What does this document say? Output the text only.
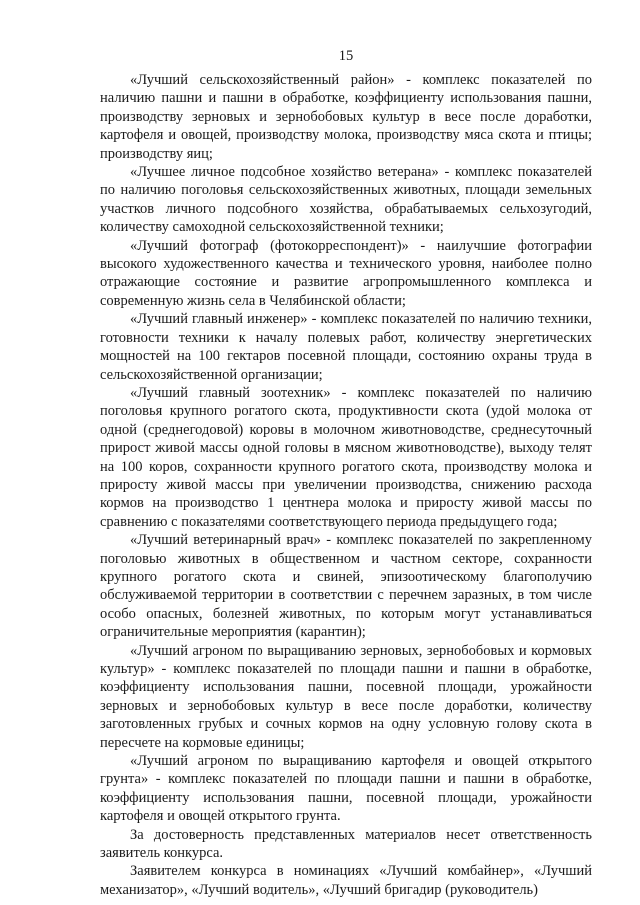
15

«Лучший сельскохозяйственный район» - комплекс показателей по наличию пашни и пашни в обработке, коэффициенту использования пашни, производству зерновых и зернобобовых культур в весе после доработки, картофеля и овощей, производству молока, производству мяса скота и птицы; производству яиц;

«Лучшее личное подсобное хозяйство ветерана» - комплекс показателей по наличию поголовья сельскохозяйственных животных, площади земельных участков личного подсобного хозяйства, обрабатываемых сельхозугодий, количеству самоходной сельскохозяйственной техники;

«Лучший фотограф (фотокорреспондент)» - наилучшие фотографии высокого художественного качества и технического уровня, наиболее полно отражающие состояние и развитие агропромышленного комплекса и современную жизнь села в Челябинской области;

«Лучший главный инженер» - комплекс показателей по наличию техники, готовности техники к началу полевых работ, количеству энергетических мощностей на 100 гектаров посевной площади, состоянию охраны труда в сельскохозяйственной организации;

«Лучший главный зоотехник» - комплекс показателей по наличию поголовья крупного рогатого скота, продуктивности скота (удой молока от одной (среднегодовой) коровы в молочном животноводстве, среднесуточный прирост живой массы одной головы в мясном животноводстве), выходу телят на 100 коров, сохранности крупного рогатого скота, производству молока и приросту живой массы при увеличении производства, снижению расхода кормов на производство 1 центнера молока и приросту живой массы по сравнению с показателями соответствующего периода предыдущего года;

«Лучший ветеринарный врач» - комплекс показателей по закрепленному поголовью животных в общественном и частном секторе, сохранности крупного рогатого скота и свиней, эпизоотическому благополучию обслуживаемой территории в соответствии с перечнем заразных, в том числе особо опасных, болезней животных, по которым могут устанавливаться ограничительные мероприятия (карантин);

«Лучший агроном по выращиванию зерновых, зернобобовых и кормовых культур» - комплекс показателей по площади пашни и пашни в обработке, коэффициенту использования пашни, посевной площади, урожайности зерновых и зернобобовых культур в весе после доработки, количеству заготовленных грубых и сочных кормов на одну условную голову скота в пересчете на кормовые единицы;

«Лучший агроном по выращиванию картофеля и овощей открытого грунта» - комплекс показателей по площади пашни и пашни в обработке, коэффициенту использования пашни, посевной площади, урожайности картофеля и овощей открытого грунта.

За достоверность представленных материалов несет ответственность заявитель конкурса.

Заявителем конкурса в номинациях «Лучший комбайнер», «Лучший механизатор», «Лучший водитель», «Лучший бригадир (руководитель)
